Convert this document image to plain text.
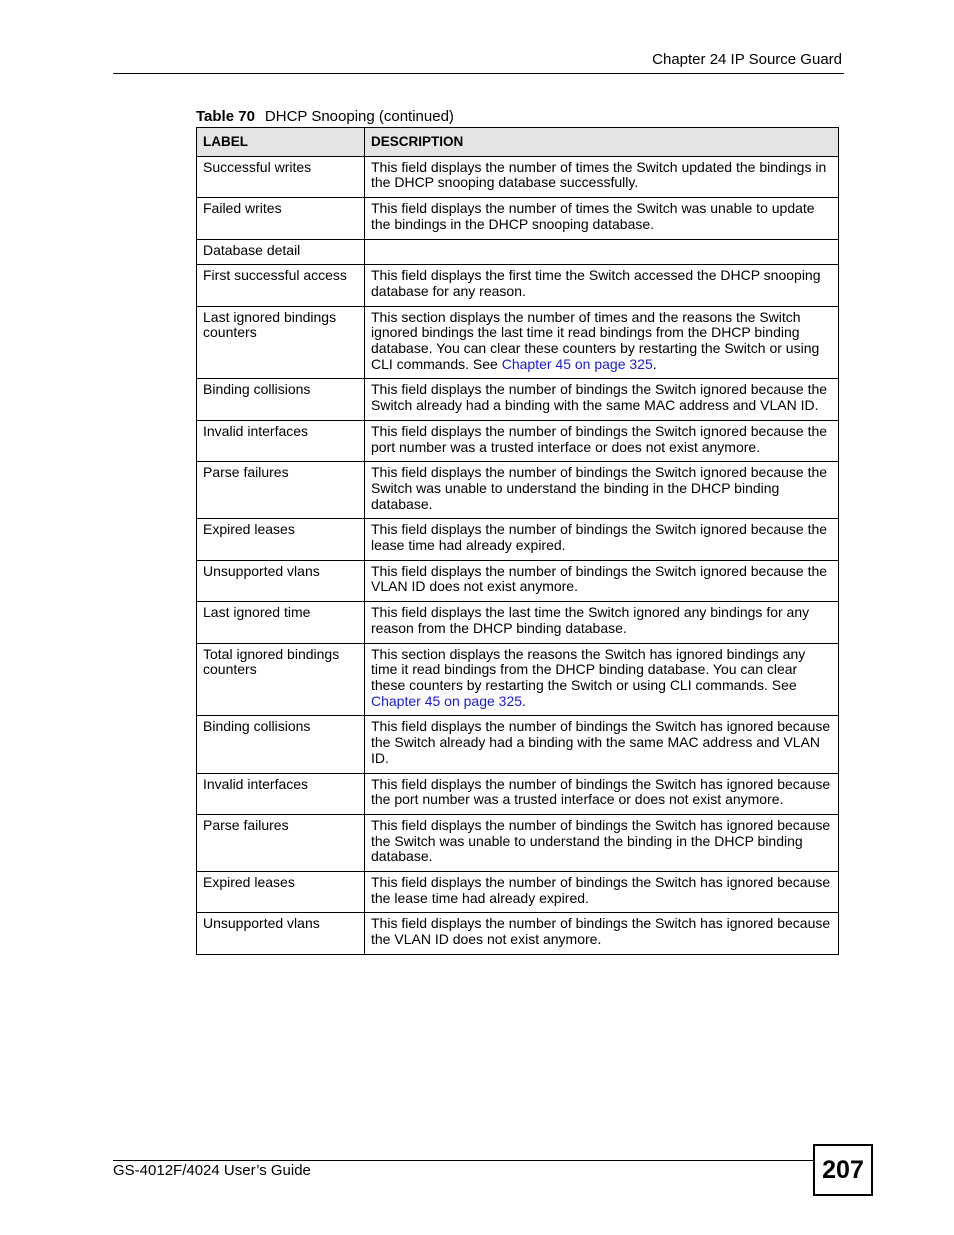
Chapter 24 IP Source Guard
Table 70 DHCP Snooping (continued)
LABEL	DESCRIPTION
Successful writes	This field displays the number of times the Switch updated the bindings in the DHCP snooping database successfully.
Failed writes	This field displays the number of times the Switch was unable to update the bindings in the DHCP snooping database.
Database detail	
First successful access	This field displays the first time the Switch accessed the DHCP snooping database for any reason.
Last ignored bindings counters	This section displays the number of times and the reasons the Switch ignored bindings the last time it read bindings from the DHCP binding database. You can clear these counters by restarting the Switch or using CLI commands. See Chapter 45 on page 325.
Binding collisions	This field displays the number of bindings the Switch ignored because the Switch already had a binding with the same MAC address and VLAN ID.
Invalid interfaces	This field displays the number of bindings the Switch ignored because the port number was a trusted interface or does not exist anymore.
Parse failures	This field displays the number of bindings the Switch ignored because the Switch was unable to understand the binding in the DHCP binding database.
Expired leases	This field displays the number of bindings the Switch ignored because the lease time had already expired.
Unsupported vlans	This field displays the number of bindings the Switch ignored because the VLAN ID does not exist anymore.
Last ignored time	This field displays the last time the Switch ignored any bindings for any reason from the DHCP binding database.
Total ignored bindings counters	This section displays the reasons the Switch has ignored bindings any time it read bindings from the DHCP binding database. You can clear these counters by restarting the Switch or using CLI commands. See Chapter 45 on page 325.
Binding collisions	This field displays the number of bindings the Switch has ignored because the Switch already had a binding with the same MAC address and VLAN ID.
Invalid interfaces	This field displays the number of bindings the Switch has ignored because the port number was a trusted interface or does not exist anymore.
Parse failures	This field displays the number of bindings the Switch has ignored because the Switch was unable to understand the binding in the DHCP binding database.
Expired leases	This field displays the number of bindings the Switch has ignored because the lease time had already expired.
Unsupported vlans	This field displays the number of bindings the Switch has ignored because the VLAN ID does not exist anymore.
GS-4012F/4024 User’s Guide	207
